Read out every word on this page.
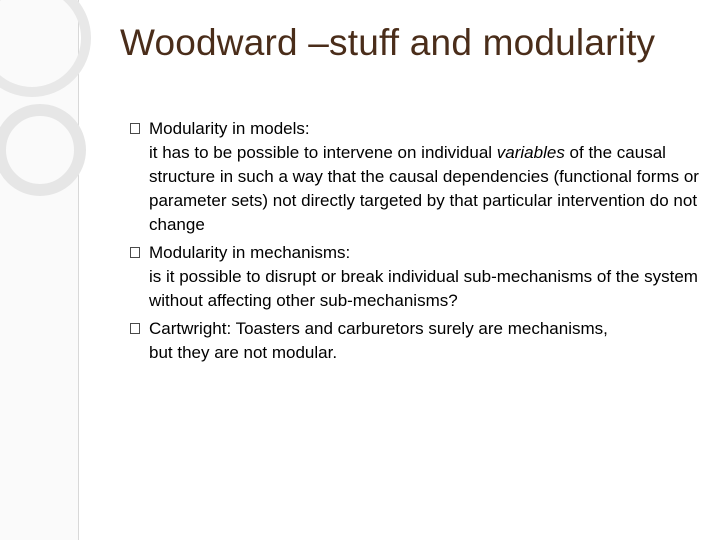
Woodward –stuff and modularity

Modularity in models:

it has to be possible to intervene on individual variables of the causal structure in such a way that the causal dependencies (functional forms or parameter sets) not directly targeted by that particular intervention do not change

Modularity in mechanisms:

is it possible to disrupt or break individual sub-mechanisms of the system without affecting other sub-mechanisms?

Cartwright: Toasters and carburetors surely are mechanisms,

but they are not modular.
